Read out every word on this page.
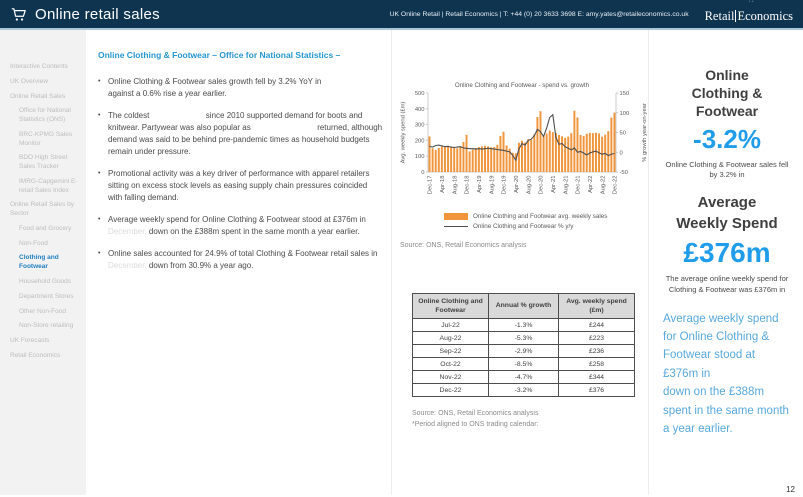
Online retail sales	UK Online Retail | Retail Economics | T: +44 (0) 20 3633 3698 E: amy.yates@retaileconomics.co.uk
··
Retail Economics
Interactive Contents
UK Overview
Online Retail Sales
Office for National Statistics (ONS)
BRC-KPMG Sales Monitor
BDO High Street Sales Tracker
IMRG-Capgemini E-retail Sales Index
Online Retail Sales by Sector
Food and Grocery
Non-Food
Clothing and Footwear
Household Goods
Department Stores
Other Non-Food
Non-Store retailing
UK Forecasts
Retail Economics
Online Clothing & Footwear – Office for National Statistics –
• Online Clothing & Footwear sales growth fell by 3.2% YoY in  against a 0.6% rise a year earlier.
• The coldest	since 2010 supported demand for boots and knitwear. Partywear was also popular as	returned, although demand was said to be behind pre-pandemic times as household budgets remain under pressure.
• Promotional activity was a key driver of performance with apparel retailers sitting on excess stock levels as easing supply chain pressures coincided with falling demand.
• Average weekly spend for Online Clothing & Footwear stood at £376m in December, down on the £388m spent in the same month a year earlier.
• Online sales accounted for 24.9% of total Clothing & Footwear retail sales in December, down from 30.9% a year ago.
Online Clothing and Footwear - spend vs. growth
0
100
200
300
400
500
-50
0
50
100
150
Dec-17 Apr-18 Aug-18 Dec-18 Apr-19 Aug-19 Dec-19 Apr-20 Aug-20 Dec-20 Apr-21 Aug-21 Dec-21 Apr-22 Aug-22 Dec-22
Avg. weekly spend (£m)	% growth year-on-year
Online Clothing and Footwear avg. weekly sales
Online Clothing and Footwear % y/y
Source: ONS, Retail Economics analysis
Online Clothing and Footwear	Annual % growth	Avg. weekly spend (£m)
Jul-22	-1.3%	£244
Aug-22	-5.3%	£223
Sep-22	-2.9%	£236
Oct-22	-8.5%	£258
Nov-22	-4.7%	£344
Dec-22	-3.2%	£376
Source: ONS, Retail Economics analysis
*Period aligned to ONS trading calendar:
Online
Clothing & Footwear
-3.2%
Online Clothing & Footwear sales fell by 3.2% in
Average
Weekly Spend
£376m
The average online weekly spend for Clothing & Footwear was £376m in
Average weekly spend for Online Clothing & Footwear stood at £376m in  down on the £388m spent in the same month a year earlier.
12
